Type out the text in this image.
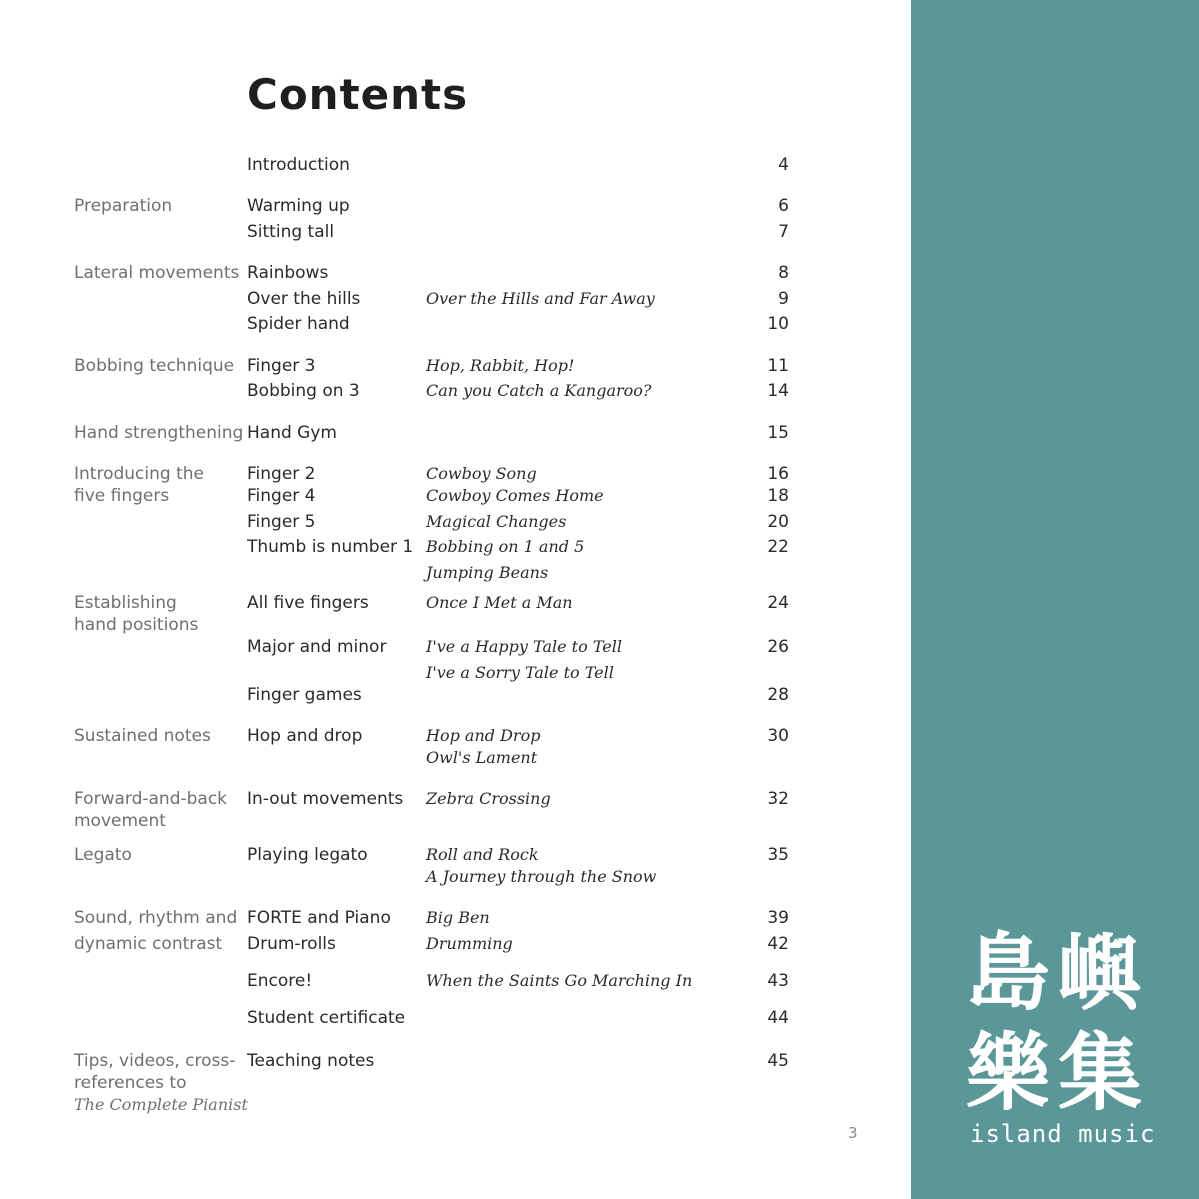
Contents
Preparation
Lateral movements
Bobbing technique
Hand strengthening
Introducing the
five fingers
Establishing
hand positions
Sustained notes
Forward-and-back
movement
Legato
Sound, rhythm and
dynamic contrast
Tips, videos, cross-
references to
The Complete Pianist
Introduction
Warming up
Sitting tall
Rainbows
Over the hills
Spider hand
Finger 3
Bobbing on 3
Hand Gym
Finger 2
Finger 4
Finger 5
Thumb is number 1
All five fingers
Major and minor
Finger games
Hop and drop
In-out movements
Playing legato
FORTE and Piano
Drum-rolls
Encore!
Student certificate
Teaching notes
Over the Hills and Far Away
Hop, Rabbit, Hop!
Can you Catch a Kangaroo?
Cowboy Song
Cowboy Comes Home
Magical Changes
Bobbing on 1 and 5
Jumping Beans
Once I Met a Man
I've a Happy Tale to Tell
I've a Sorry Tale to Tell
Hop and Drop
Owl's Lament
Zebra Crossing
Roll and Rock
A Journey through the Snow
Big Ben
Drumming
When the Saints Go Marching In
4
6
7
8
9
10
11
14
15
16
18
20
22
24
26
28
30
32
35
39
42
43
44
45
3
島嶼
樂集
island music
